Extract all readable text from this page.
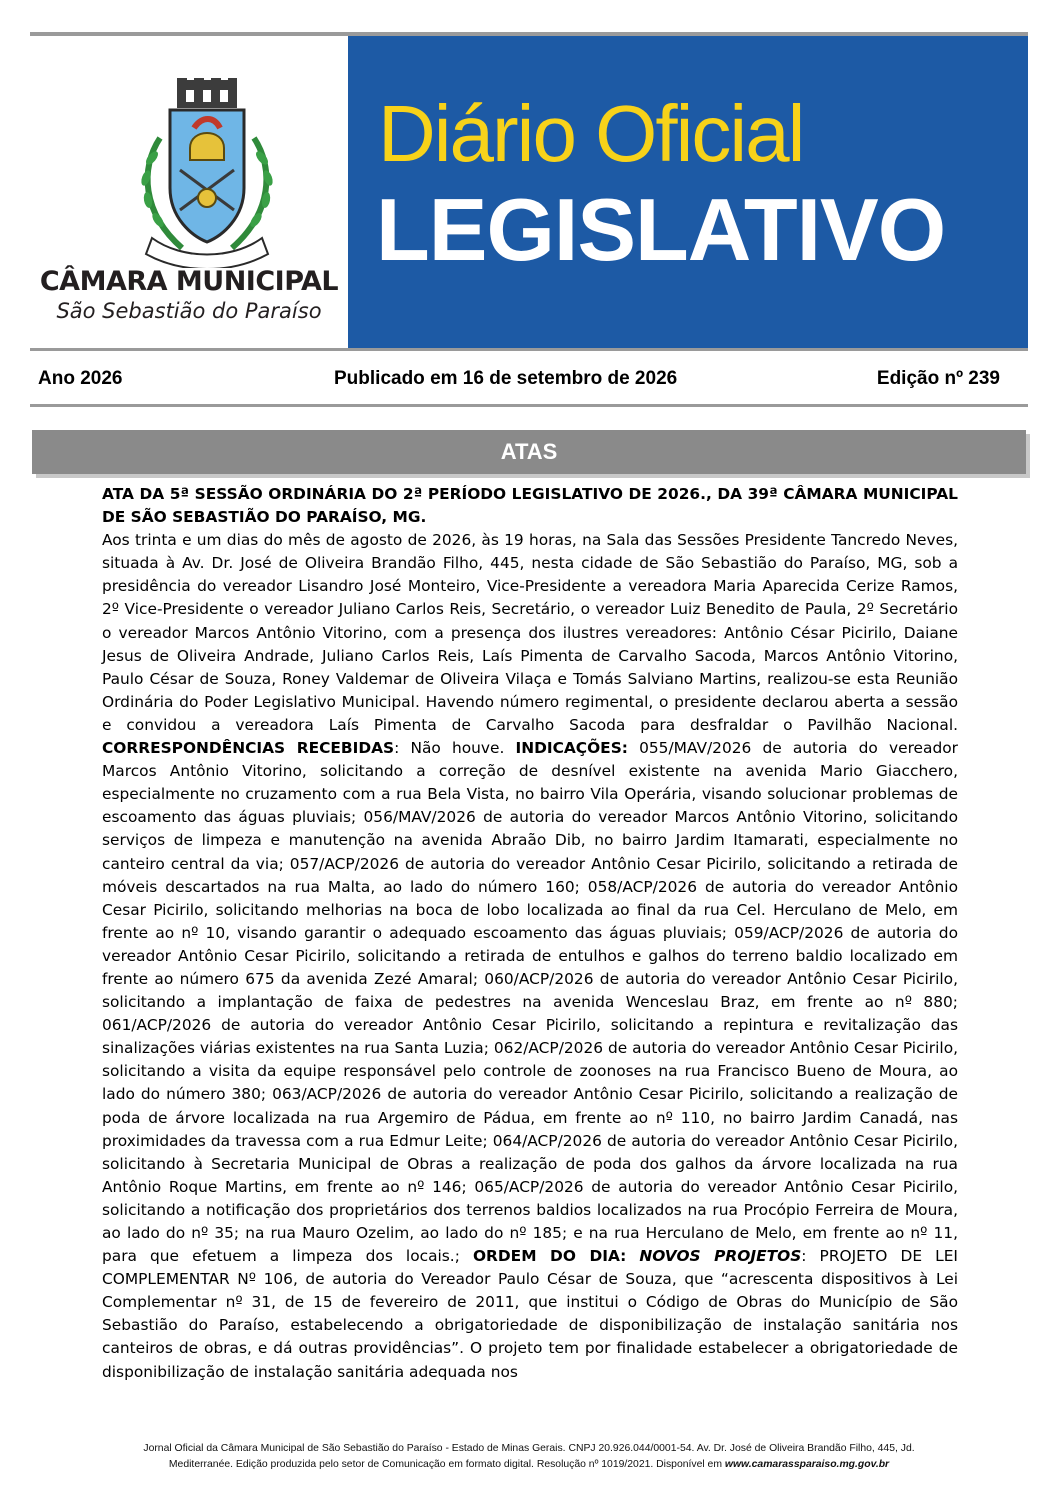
CÂMARA MUNICIPAL
São Sebastião do Paraíso
Diário Oficial
LEGISLATIVO
Ano 2026	Publicado em 16 de setembro de 2026	Edição nº 239
ATAS

ATA DA 5ª SESSÃO ORDINÁRIA DO 2ª PERÍODO LEGISLATIVO DE 2026., DA 39ª CÂMARA MUNICIPAL DE SÃO SEBASTIÃO DO PARAÍSO, MG.

Aos trinta e um dias do mês de agosto de 2026, às 19 horas, na Sala das Sessões Presidente Tancredo Neves, situada à Av. Dr. José de Oliveira Brandão Filho, 445, nesta cidade de São Sebastião do Paraíso, MG, sob a presidência do vereador Lisandro José Monteiro, Vice-Presidente a vereadora Maria Aparecida Cerize Ramos, 2º Vice-Presidente o vereador Juliano Carlos Reis, Secretário, o vereador Luiz Benedito de Paula, 2º Secretário o vereador Marcos Antônio Vitorino, com a presença dos ilustres vereadores: Antônio César Picirilo, Daiane Jesus de Oliveira Andrade, Juliano Carlos Reis, Laís Pimenta de Carvalho Sacoda, Marcos Antônio Vitorino, Paulo César de Souza, Roney Valdemar de Oliveira Vilaça e Tomás Salviano Martins, realizou-se esta Reunião Ordinária do Poder Legislativo Municipal. Havendo número regimental, o presidente declarou aberta a sessão e convidou a vereadora Laís Pimenta de Carvalho Sacoda para desfraldar o Pavilhão Nacional. CORRESPONDÊNCIAS RECEBIDAS: Não houve. INDICAÇÕES: 055/MAV/2026 de autoria do vereador Marcos Antônio Vitorino, solicitando a correção de desnível existente na avenida Mario Giacchero, especialmente no cruzamento com a rua Bela Vista, no bairro Vila Operária, visando solucionar problemas de escoamento das águas pluviais; 056/MAV/2026 de autoria do vereador Marcos Antônio Vitorino, solicitando serviços de limpeza e manutenção na avenida Abraão Dib, no bairro Jardim Itamarati, especialmente no canteiro central da via; 057/ACP/2026 de autoria do vereador Antônio Cesar Picirilo, solicitando a retirada de móveis descartados na rua Malta, ao lado do número 160; 058/ACP/2026 de autoria do vereador Antônio Cesar Picirilo, solicitando melhorias na boca de lobo localizada ao final da rua Cel. Herculano de Melo, em frente ao nº 10, visando garantir o adequado escoamento das águas pluviais; 059/ACP/2026 de autoria do vereador Antônio Cesar Picirilo, solicitando a retirada de entulhos e galhos do terreno baldio localizado em frente ao número 675 da avenida Zezé Amaral; 060/ACP/2026 de autoria do vereador Antônio Cesar Picirilo, solicitando a implantação de faixa de pedestres na avenida Wenceslau Braz, em frente ao nº 880; 061/ACP/2026 de autoria do vereador Antônio Cesar Picirilo, solicitando a repintura e revitalização das sinalizações viárias existentes na rua Santa Luzia; 062/ACP/2026 de autoria do vereador Antônio Cesar Picirilo, solicitando a visita da equipe responsável pelo controle de zoonoses na rua Francisco Bueno de Moura, ao lado do número 380; 063/ACP/2026 de autoria do vereador Antônio Cesar Picirilo, solicitando a realização de poda de árvore localizada na rua Argemiro de Pádua, em frente ao nº 110, no bairro Jardim Canadá, nas proximidades da travessa com a rua Edmur Leite; 064/ACP/2026 de autoria do vereador Antônio Cesar Picirilo, solicitando à Secretaria Municipal de Obras a realização de poda dos galhos da árvore localizada na rua Antônio Roque Martins, em frente ao nº 146; 065/ACP/2026 de autoria do vereador Antônio Cesar Picirilo, solicitando a notificação dos proprietários dos terrenos baldios localizados na rua Procópio Ferreira de Moura, ao lado do nº 35; na rua Mauro Ozelim, ao lado do nº 185; e na rua Herculano de Melo, em frente ao nº 11, para que efetuem a limpeza dos locais.; ORDEM DO DIA: NOVOS PROJETOS: PROJETO DE LEI COMPLEMENTAR Nº 106, de autoria do Vereador Paulo César de Souza, que “acrescenta dispositivos à Lei Complementar nº 31, de 15 de fevereiro de 2011, que institui o Código de Obras do Município de São Sebastião do Paraíso, estabelecendo a obrigatoriedade de disponibilização de instalação sanitária nos canteiros de obras, e dá outras providências”. O projeto tem por finalidade estabelecer a obrigatoriedade de disponibilização de instalação sanitária adequada nos

Jornal Oficial da Câmara Municipal de São Sebastião do Paraíso - Estado de Minas Gerais. CNPJ 20.926.044/0001-54. Av. Dr. José de Oliveira Brandão Filho, 445, Jd.
Mediterranée. Edição produzida pelo setor de Comunicação em formato digital. Resolução nº 1019/2021. Disponível em www.camarassparaiso.mg.gov.br
